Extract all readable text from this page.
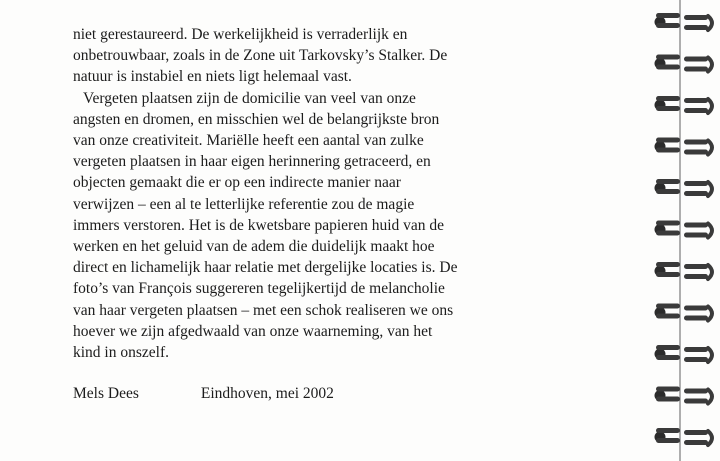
niet gerestaureerd. De werkelijkheid is verraderlijk en
onbetrouwbaar, zoals in de Zone uit Tarkovsky’s Stalker. De
natuur is instabiel en niets ligt helemaal vast.
Vergeten plaatsen zijn de domicilie van veel van onze
angsten en dromen, en misschien wel de belangrijkste bron
van onze creativiteit. Mariëlle heeft een aantal van zulke
vergeten plaatsen in haar eigen herinnering getraceerd, en
objecten gemaakt die er op een indirecte manier naar
verwijzen – een al te letterlijke referentie zou de magie
immers verstoren. Het is de kwetsbare papieren huid van de
werken en het geluid van de adem die duidelijk maakt hoe
direct en lichamelijk haar relatie met dergelijke locaties is. De
foto’s van François suggereren tegelijkertijd de melancholie
van haar vergeten plaatsen – met een schok realiseren we ons
hoever we zijn afgedwaald van onze waarneming, van het
kind in onszelf.
Mels Dees	Eindhoven, mei 2002
